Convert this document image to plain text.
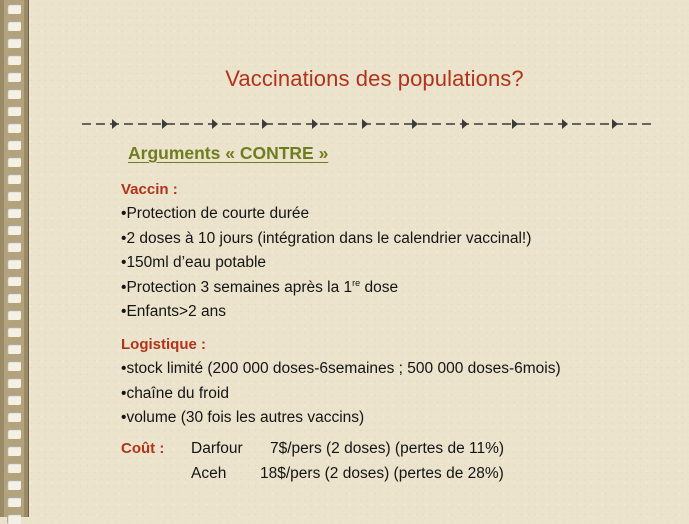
Vaccinations des populations?
Arguments « CONTRE »
Vaccin :
•Protection de courte durée
•2 doses à 10 jours (intégration dans le calendrier vaccinal!)
•150ml d’eau potable
•Protection 3 semaines après la 1re dose
•Enfants>2 ans
Logistique :
•stock limité (200 000 doses-6semaines ; 500 000 doses-6mois)
•chaîne du froid
•volume (30 fois les autres vaccins)
Coût : Darfour 7$/pers (2 doses) (pertes de 11%)
Aceh 18$/pers (2 doses) (pertes de 28%)
